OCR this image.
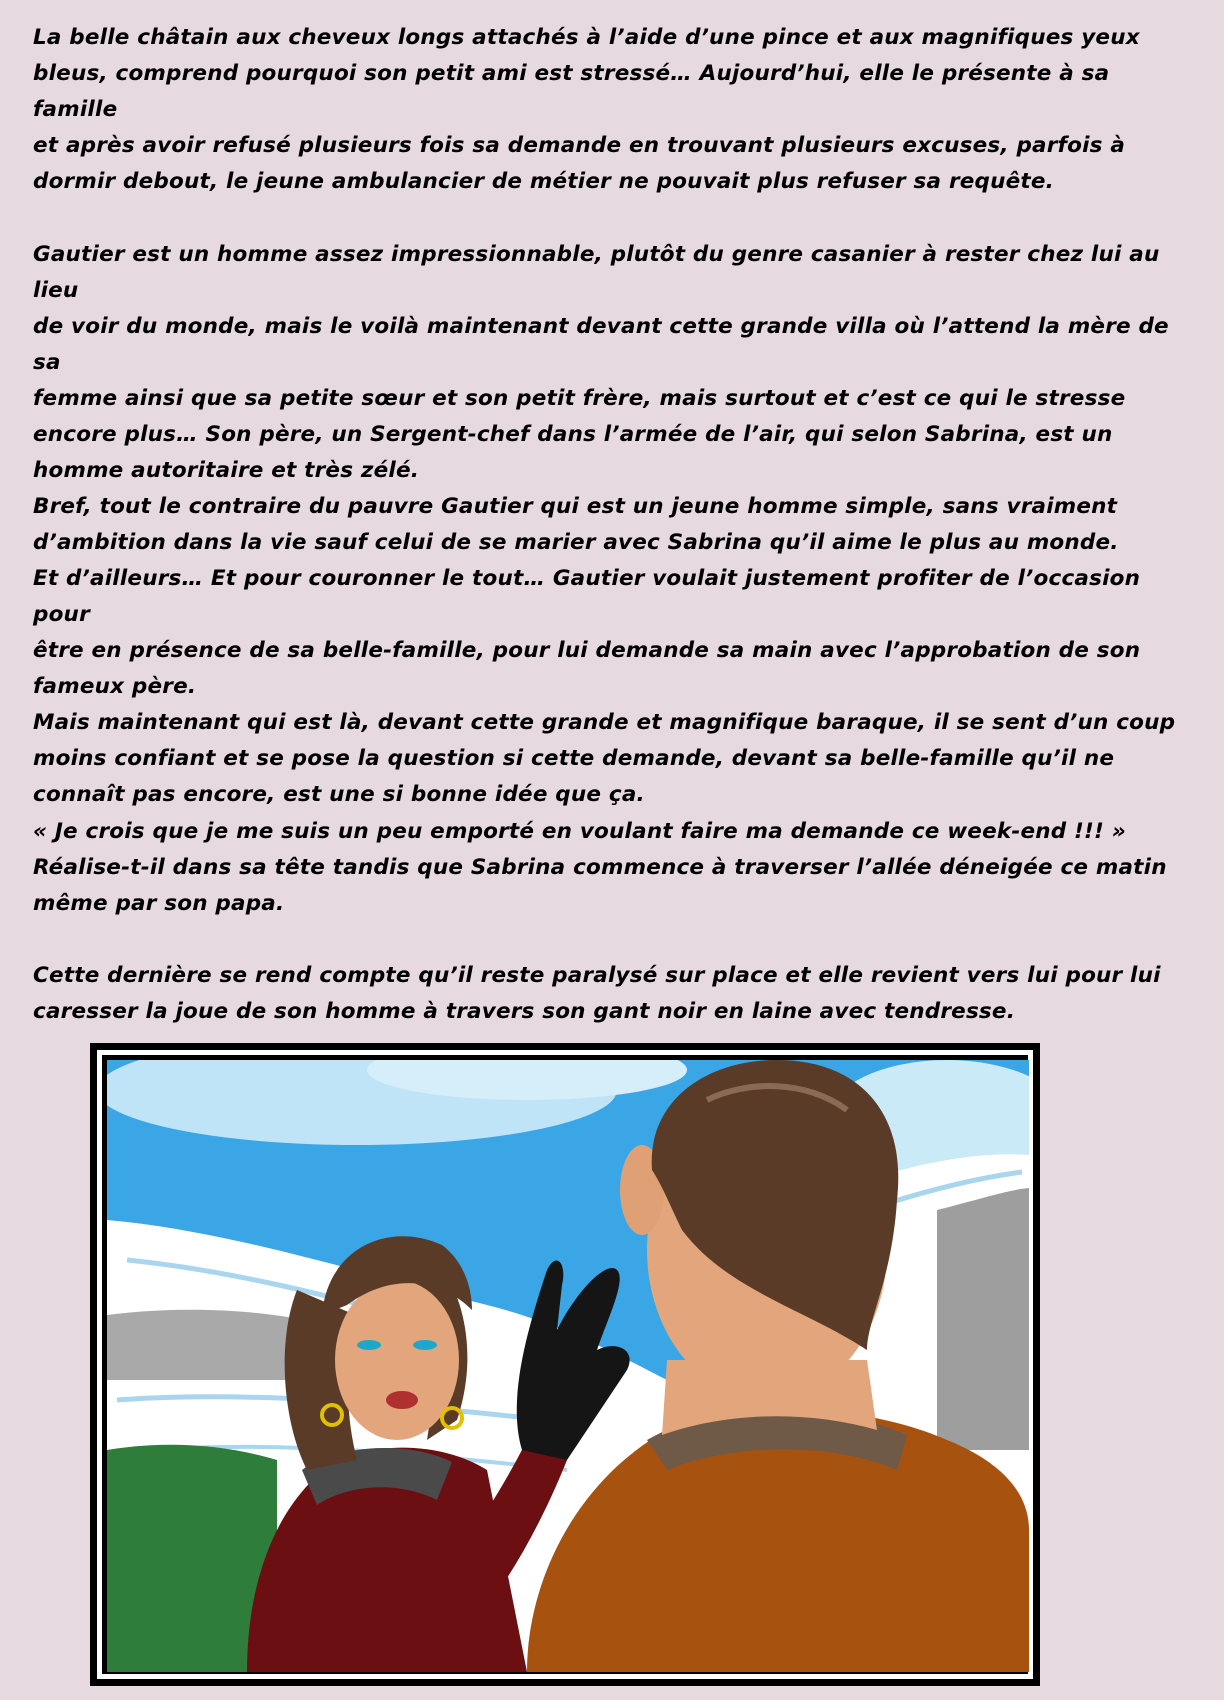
La belle châtain aux cheveux longs attachés à l’aide d’une pince et aux magnifiques yeux
bleus, comprend pourquoi son petit ami est stressé… Aujourd’hui, elle le présente à sa famille
et après avoir refusé plusieurs fois sa demande en trouvant plusieurs excuses, parfois à
dormir debout, le jeune ambulancier de métier ne pouvait plus refuser sa requête.

Gautier est un homme assez impressionnable, plutôt du genre casanier à rester chez lui au lieu
de voir du monde, mais le voilà maintenant devant cette grande villa où l’attend la mère de sa
femme ainsi que sa petite sœur et son petit frère, mais surtout et c’est ce qui le stresse
encore plus… Son père, un Sergent-chef dans l’armée de l’air, qui selon Sabrina, est un
homme autoritaire et très zélé.

Bref, tout le contraire du pauvre Gautier qui est un jeune homme simple, sans vraiment
d’ambition dans la vie sauf celui de se marier avec Sabrina qu’il aime le plus au monde.
Et d’ailleurs… Et pour couronner le tout… Gautier voulait justement profiter de l’occasion pour
être en présence de sa belle-famille, pour lui demande sa main avec l’approbation de son
fameux père.
Mais maintenant qui est là, devant cette grande et magnifique baraque, il se sent d’un coup
moins confiant et se pose la question si cette demande, devant sa belle-famille qu’il ne
connaît pas encore, est une si bonne idée que ça.

« Je crois que je me suis un peu emporté en voulant faire ma demande ce week-end !!! »
Réalise-t-il dans sa tête tandis que Sabrina commence à traverser l’allée déneigée ce matin
même par son papa.

Cette dernière se rend compte qu’il reste paralysé sur place et elle revient vers lui pour lui
caresser la joue de son homme à travers son gant noir en laine avec tendresse.
